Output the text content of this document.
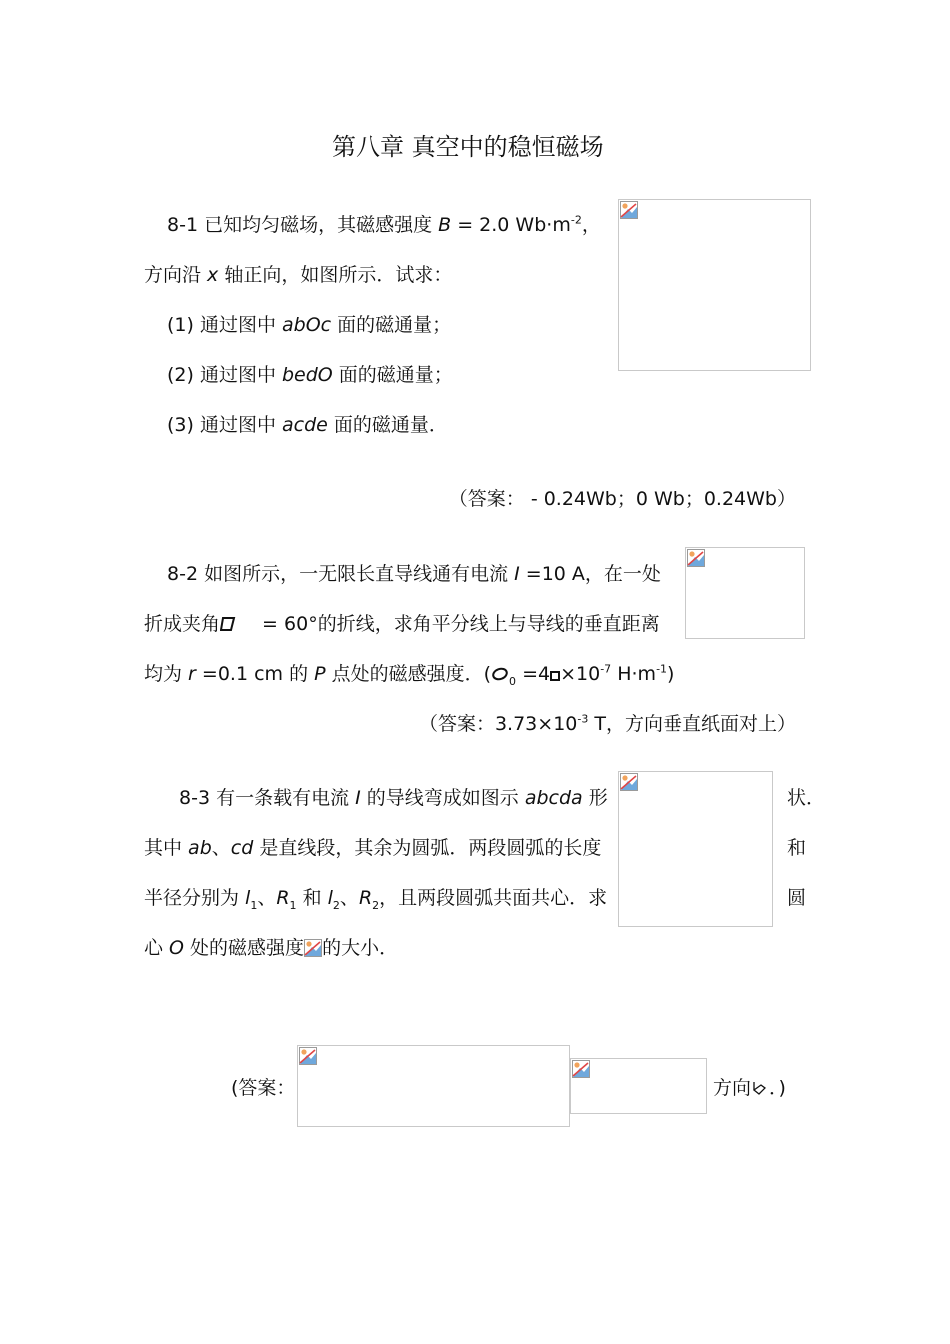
第八章 真空中的稳恒磁场
8-1 已知均匀磁场，其磁感强度 B = 2.0 $Wb\cdot m^{-2}$，
方向沿 x 轴正向，如图所示．试求：
(1) 通过图中 abOc 面的磁通量；
(2) 通过图中 bedO 面的磁通量；
(3) 通过图中 acde 面的磁通量．
（答案： - 0.24Wb；0 Wb；0.24Wb）
8-2 如图所示，一无限长直导线通有电流 I =10 A，在一处
折成夹角 = 60°的折线，求角平分线上与导线的垂直距离
均为 r =0.1 cm 的 P 点处的磁感强度．( $_0 =4 \times 10^{-7}$ $H\cdot m^{-1}$)
（答案：$3.73\times 10^{-3}$ T，方向垂直纸面对上）
8-3 有一条载有电流 I 的导线弯成如图示 abcda 形	状．
其中 ab、cd 是直线段，其余为圆弧．两段圆弧的长度	和
半径分别为 $l_1$、$R_1$ 和 $l_2$、$R_2$，且两段圆弧共面共心．求	圆
心 O 处的磁感强度 的大小．
(答案：	方向 ．)
